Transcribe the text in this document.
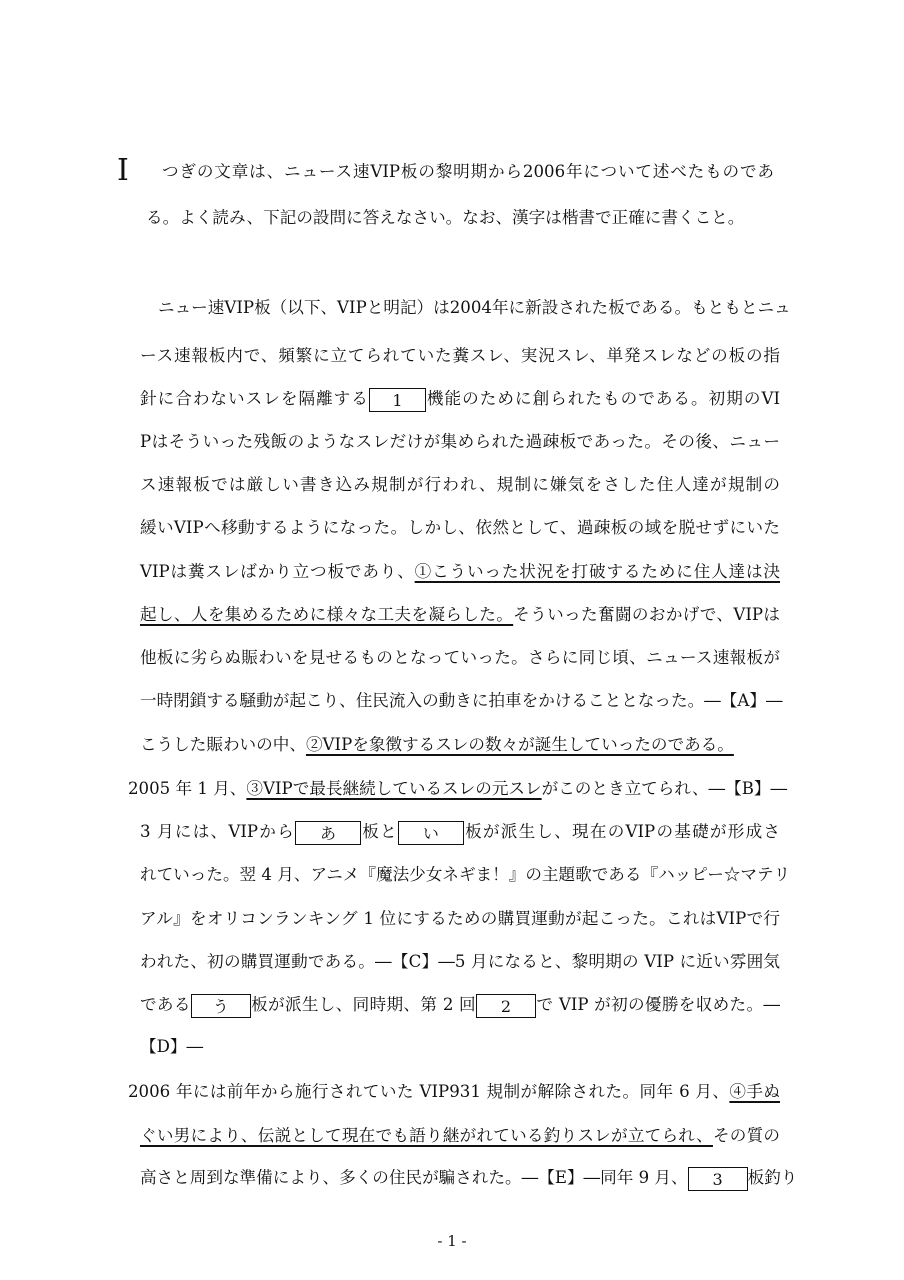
I つぎの文章は、ニュース速VIP板の黎明期から2006年について述べたものであ
る。よく読み、下記の設問に答えなさい。なお、漢字は楷書で正確に書くこと。
ニュー速VIP板（以下、VIPと明記）は2004年に新設された板である。もともとニュ
ース速報板内で、頻繁に立てられていた糞スレ、実況スレ、単発スレなどの板の指
針に合わないスレを隔離する 1 機能のために創られたものである。初期のVI
Pはそういった残飯のようなスレだけが集められた過疎板であった。その後、ニュー
ス速報板では厳しい書き込み規制が行われ、規制に嫌気をさした住人達が規制の
緩いVIPへ移動するようになった。しかし、依然として、過疎板の域を脱せずにいた
VIPは糞スレばかり立つ板であり、①こういった状況を打破するために住人達は決
起し、人を集めるために様々な工夫を凝らした。そういった奮闘のおかげで、VIPは
他板に劣らぬ賑わいを見せるものとなっていった。さらに同じ頃、ニュース速報板が
一時閉鎖する騒動が起こり、住民流入の動きに拍車をかけることとなった。―【A】―
こうした賑わいの中、②VIPを象徴するスレの数々が誕生していったのである。
2005 年 1 月、③VIPで最長継続しているスレの元スレがこのとき立てられ、―【B】―
3 月には、VIPから あ 板と い 板が派生し、現在のVIPの基礎が形成さ
れていった。翌 4 月、アニメ『魔法少女ネギま！』の主題歌である『ハッピー☆マテリ
アル』をオリコンランキング 1 位にするための購買運動が起こった。これはVIPで行
われた、初の購買運動である。―【C】―5 月になると、黎明期の VIP に近い雰囲気
である う 板が派生し、同時期、第 2 回 2 で VIP が初の優勝を収めた。―
【D】―
2006 年には前年から施行されていた VIP931 規制が解除された。同年 6 月、④手ぬ
ぐい男により、伝説として現在でも語り継がれている釣りスレが立てられ、その質の
高さと周到な準備により、多くの住民が騙された。―【E】―同年 9 月、 3 板釣り
- 1 -
